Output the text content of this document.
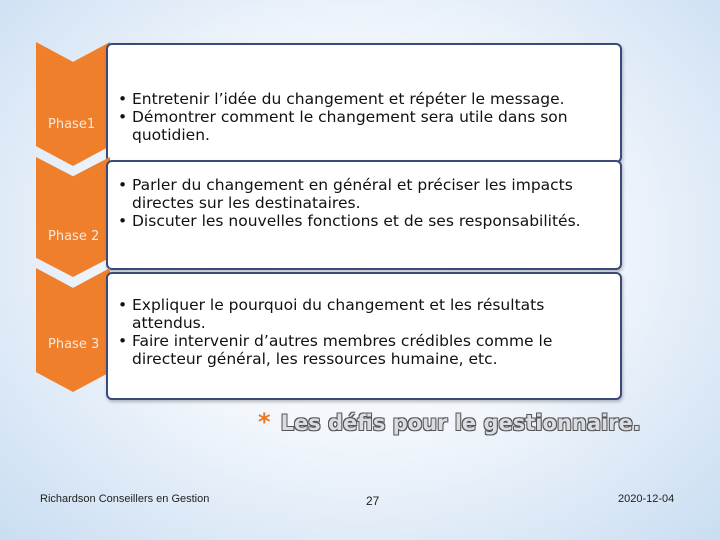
Phase1
• Entretenir l’idée du changement et répéter le message.
• Démontrer comment le changement sera utile dans son quotidien.
Phase 2
• Parler du changement en général et préciser les impacts directes sur les destinataires.
• Discuter les nouvelles fonctions et de ses responsabilités.
Phase 3
• Expliquer le pourquoi du changement et les résultats attendus.
• Faire intervenir d’autres membres crédibles comme le directeur général, les ressources humaine, etc.
* Les défis pour le gestionnaire.
Richardson Conseillers en Gestion	27	2020-12-04
